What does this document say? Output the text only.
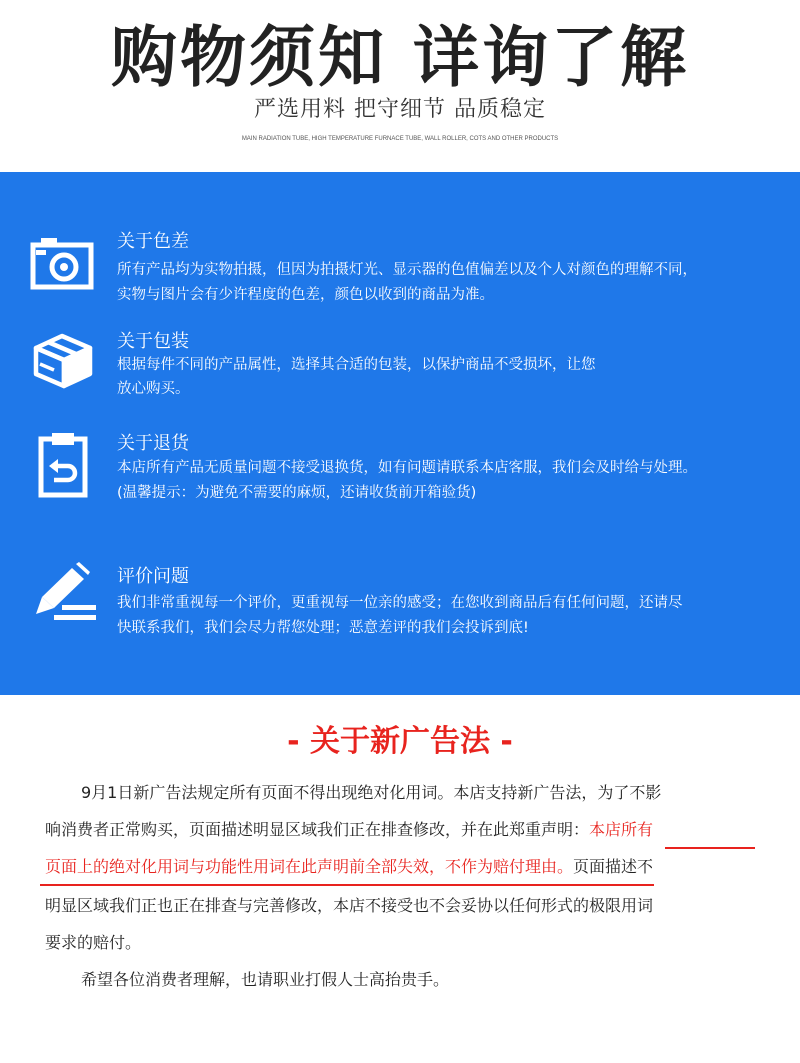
购物须知 详询了解
严选用料 把守细节 品质稳定
MAIN RADIATION TUBE, HIGH TEMPERATURE FURNACE TUBE, WALL ROLLER, COTS AND OTHER PRODUCTS
关于色差
所有产品均为实物拍摄，但因为拍摄灯光、显示器的色值偏差以及个人对颜色的理解不同，
实物与图片会有少许程度的色差，颜色以收到的商品为准。
关于包装
根据每件不同的产品属性，选择其合适的包装，以保护商品不受损坏，让您
放心购买。
关于退货
本店所有产品无质量问题不接受退换货，如有问题请联系本店客服，我们会及时给与处理。
(温馨提示：为避免不需要的麻烦，还请收货前开箱验货)
评价问题
我们非常重视每一个评价，更重视每一位亲的感受；在您收到商品后有任何问题，还请尽
快联系我们，我们会尽力帮您处理；恶意差评的我们会投诉到底!
- 关于新广告法 -
9月1日新广告法规定所有页面不得出现绝对化用词。本店支持新广告法，为了不影
响消费者正常购买，页面描述明显区域我们正在排查修改，并在此郑重声明：本店所有
页面上的绝对化用词与功能性用词在此声明前全部失效，不作为赔付理由。页面描述不
明显区域我们正也正在排查与完善修改，本店不接受也不会妥协以任何形式的极限用词
要求的赔付。
希望各位消费者理解，也请职业打假人士高抬贵手。
